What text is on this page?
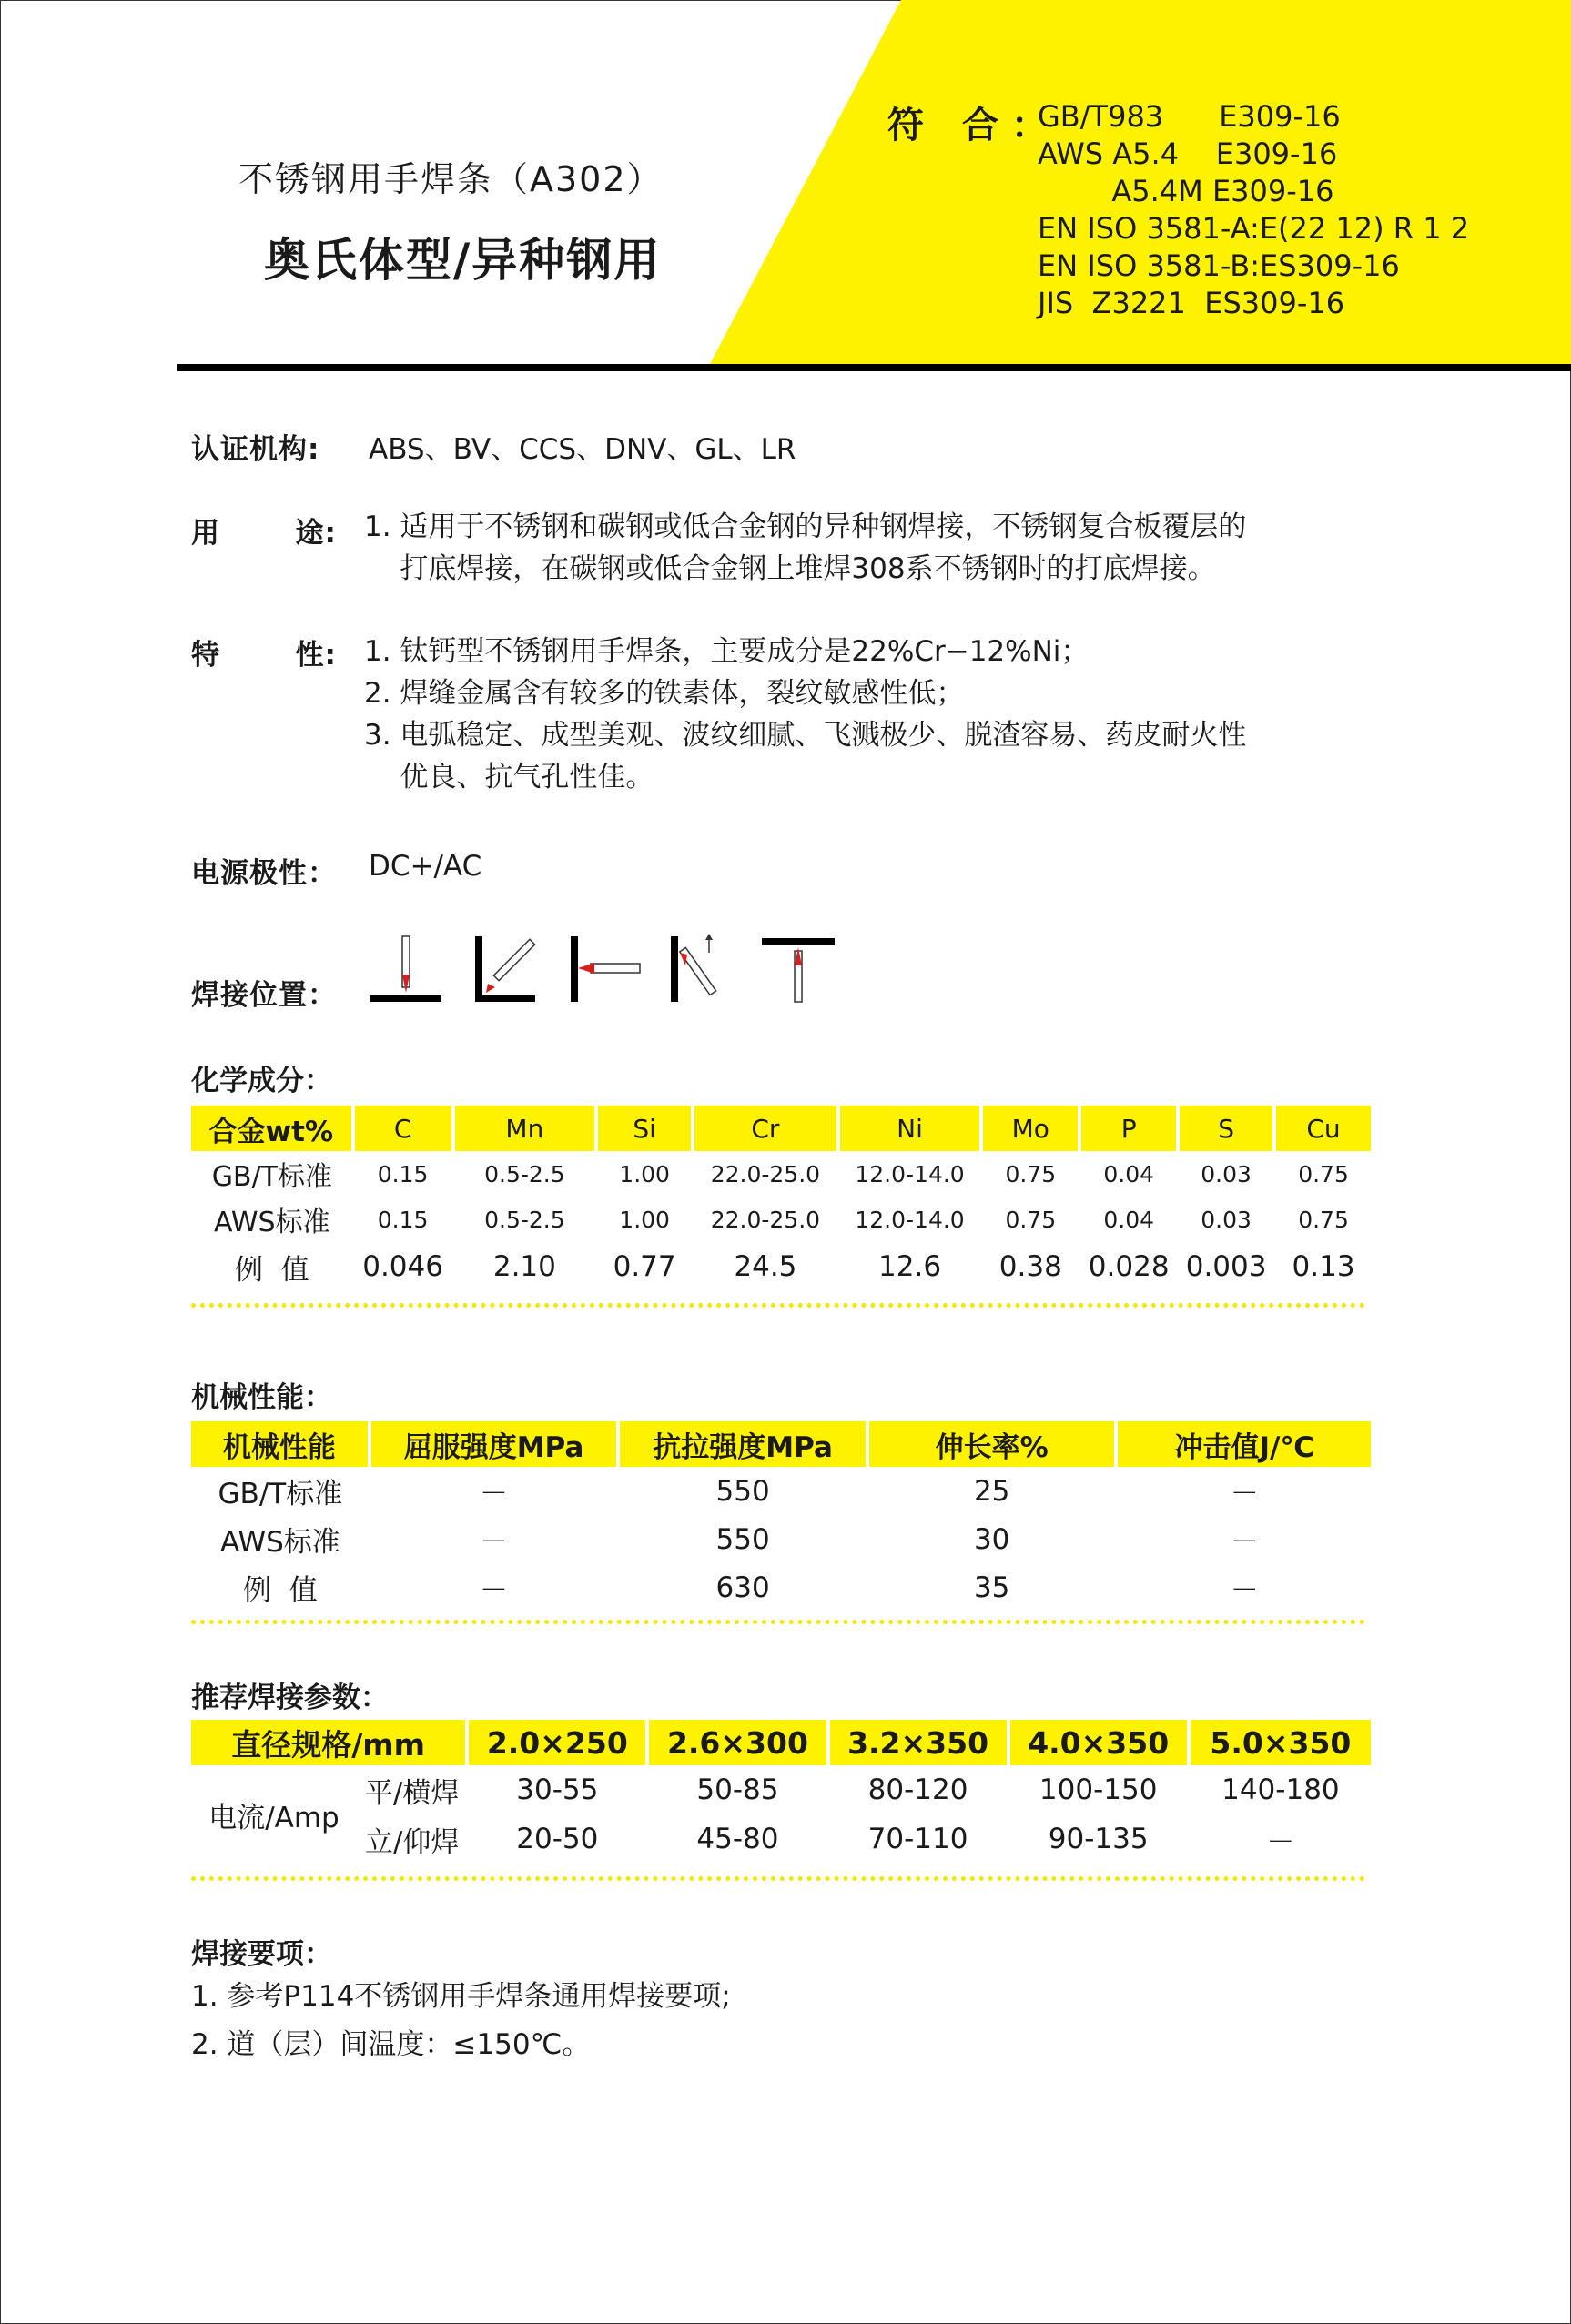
不锈钢用手焊条（A302）
奥氏体型/异种钢用
符 合：
GB/T983      E309-16
AWS A5.4    E309-16
A5.4M E309-16
EN ISO 3581-A:E(22 12) R 1 2
EN ISO 3581-B:ES309-16
JIS  Z3221  ES309-16
认证机构: ABS、BV、CCS、DNV、GL、LR
用       途: 1. 适用于不锈钢和碳钢或低合金钢的异种钢焊接，不锈钢复合板覆层的
打底焊接，在碳钢或低合金钢上堆焊308系不锈钢时的打底焊接。
特       性: 1. 钛钙型不锈钢用手焊条，主要成分是22%Cr−12%Ni；
2. 焊缝金属含有较多的铁素体，裂纹敏感性低；
3. 电弧稳定、成型美观、波纹细腻、飞溅极少、脱渣容易、药皮耐火性
优良、抗气孔性佳。
电源极性： DC+/AC
焊接位置：
化学成分：
合金wt%	C	Mn	Si	Cr	Ni	Mo	P	S	Cu
GB/T标准	0.15	0.5-2.5	1.00	22.0-25.0	12.0-14.0	0.75	0.04	0.03	0.75
AWS标准	0.15	0.5-2.5	1.00	22.0-25.0	12.0-14.0	0.75	0.04	0.03	0.75
例  值	0.046	2.10	0.77	24.5	12.6	0.38	0.028	0.003	0.13
机械性能：
机械性能	屈服强度MPa	抗拉强度MPa	伸长率%	冲击值J/℃
GB/T标准	－	550	25	－
AWS标准	－	550	30	－
例  值	－	630	35	－
推荐焊接参数：
直径规格/mm		2.0×250	2.6×300	3.2×350	4.0×350	5.0×350
电流/Amp	平/横焊	30-55	50-85	80-120	100-150	140-180
	立/仰焊	20-50	45-80	70-110	90-135	－
焊接要项：
1. 参考P114不锈钢用手焊条通用焊接要项;
2. 道（层）间温度：≤150℃。
